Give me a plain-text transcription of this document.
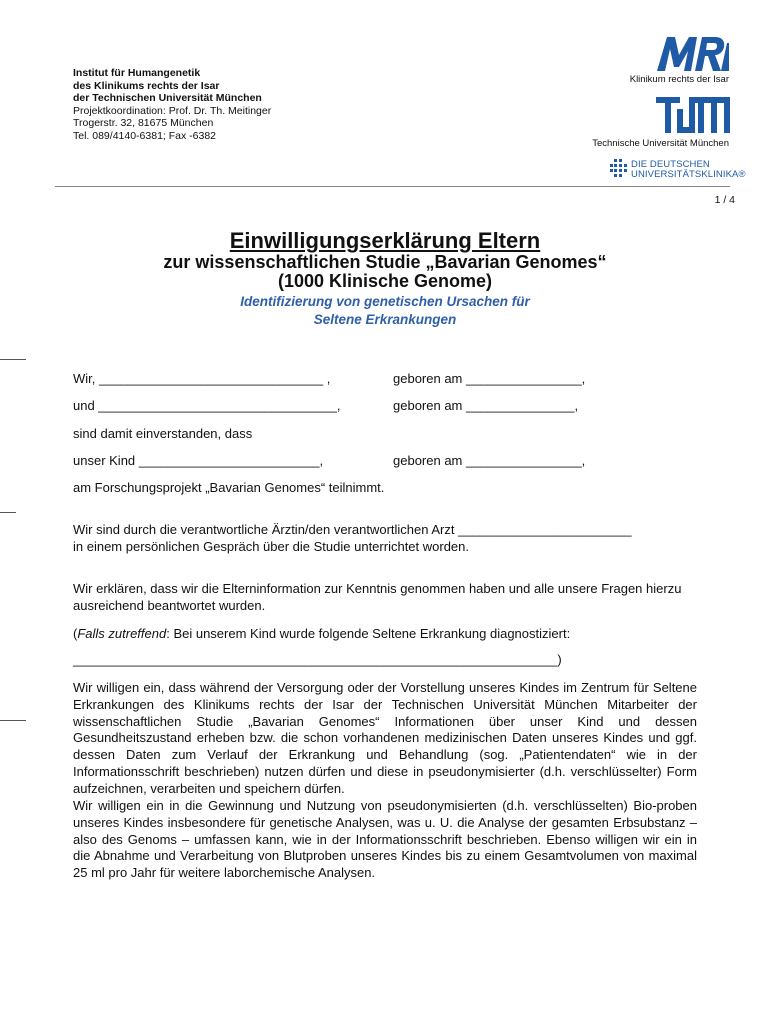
Institut für Humangenetik
des Klinikums rechts der Isar
der Technischen Universität München
Projektkoordination: Prof. Dr. Th. Meitinger
Trogerstr. 32, 81675 München
Tel. 089/4140-6381; Fax -6382
Klinikum rechts der Isar
Technische Universität München
DIE DEUTSCHEN
UNIVERSITÄTSKLINIKA®
1 / 4
Einwilligungserklärung Eltern
zur wissenschaftlichen Studie „Bavarian Genomes“
(1000 Klinische Genome)
Identifizierung von genetischen Ursachen für
Seltene Erkrankungen
Wir, _______________________________ ,	geboren am ________________,
und _________________________________,	geboren am _______________,
sind damit einverstanden, dass
unser Kind _________________________,	geboren am ________________,
am Forschungsprojekt „Bavarian Genomes“ teilnimmt.
Wir sind durch die verantwortliche Ärztin/den verantwortlichen Arzt ________________________
in einem persönlichen Gespräch über die Studie unterrichtet worden.
Wir erklären, dass wir die Elterninformation zur Kenntnis genommen haben und alle unsere Fragen hierzu ausreichend beantwortet wurden.
(Falls zutreffend: Bei unserem Kind wurde folgende Seltene Erkrankung diagnostiziert:
___________________________________________________________________)
Wir willigen ein, dass während der Versorgung oder der Vorstellung unseres Kindes im Zentrum für Seltene Erkrankungen des Klinikums rechts der Isar der Technischen Universität München Mitarbeiter der wissenschaftlichen Studie „Bavarian Genomes“ Informationen über unser Kind und dessen Gesundheitszustand erheben bzw. die schon vorhandenen medizinischen Daten unseres Kindes und ggf. dessen Daten zum Verlauf der Erkrankung und Behandlung (sog. „Patientendaten“ wie in der Informationsschrift beschrieben) nutzen dürfen und diese in pseudonymisierter (d.h. verschlüsselter) Form aufzeichnen, verarbeiten und speichern dürfen.
Wir willigen ein in die Gewinnung und Nutzung von pseudonymisierten (d.h. verschlüsselten) Bio-proben unseres Kindes insbesondere für genetische Analysen, was u. U. die Analyse der gesamten Erbsubstanz – also des Genoms – umfassen kann, wie in der Informationsschrift beschrieben. Ebenso willigen wir ein in die Abnahme und Verarbeitung von Blutproben unseres Kindes bis zu einem Gesamtvolumen von maximal 25 ml pro Jahr für weitere laborchemische Analysen.
